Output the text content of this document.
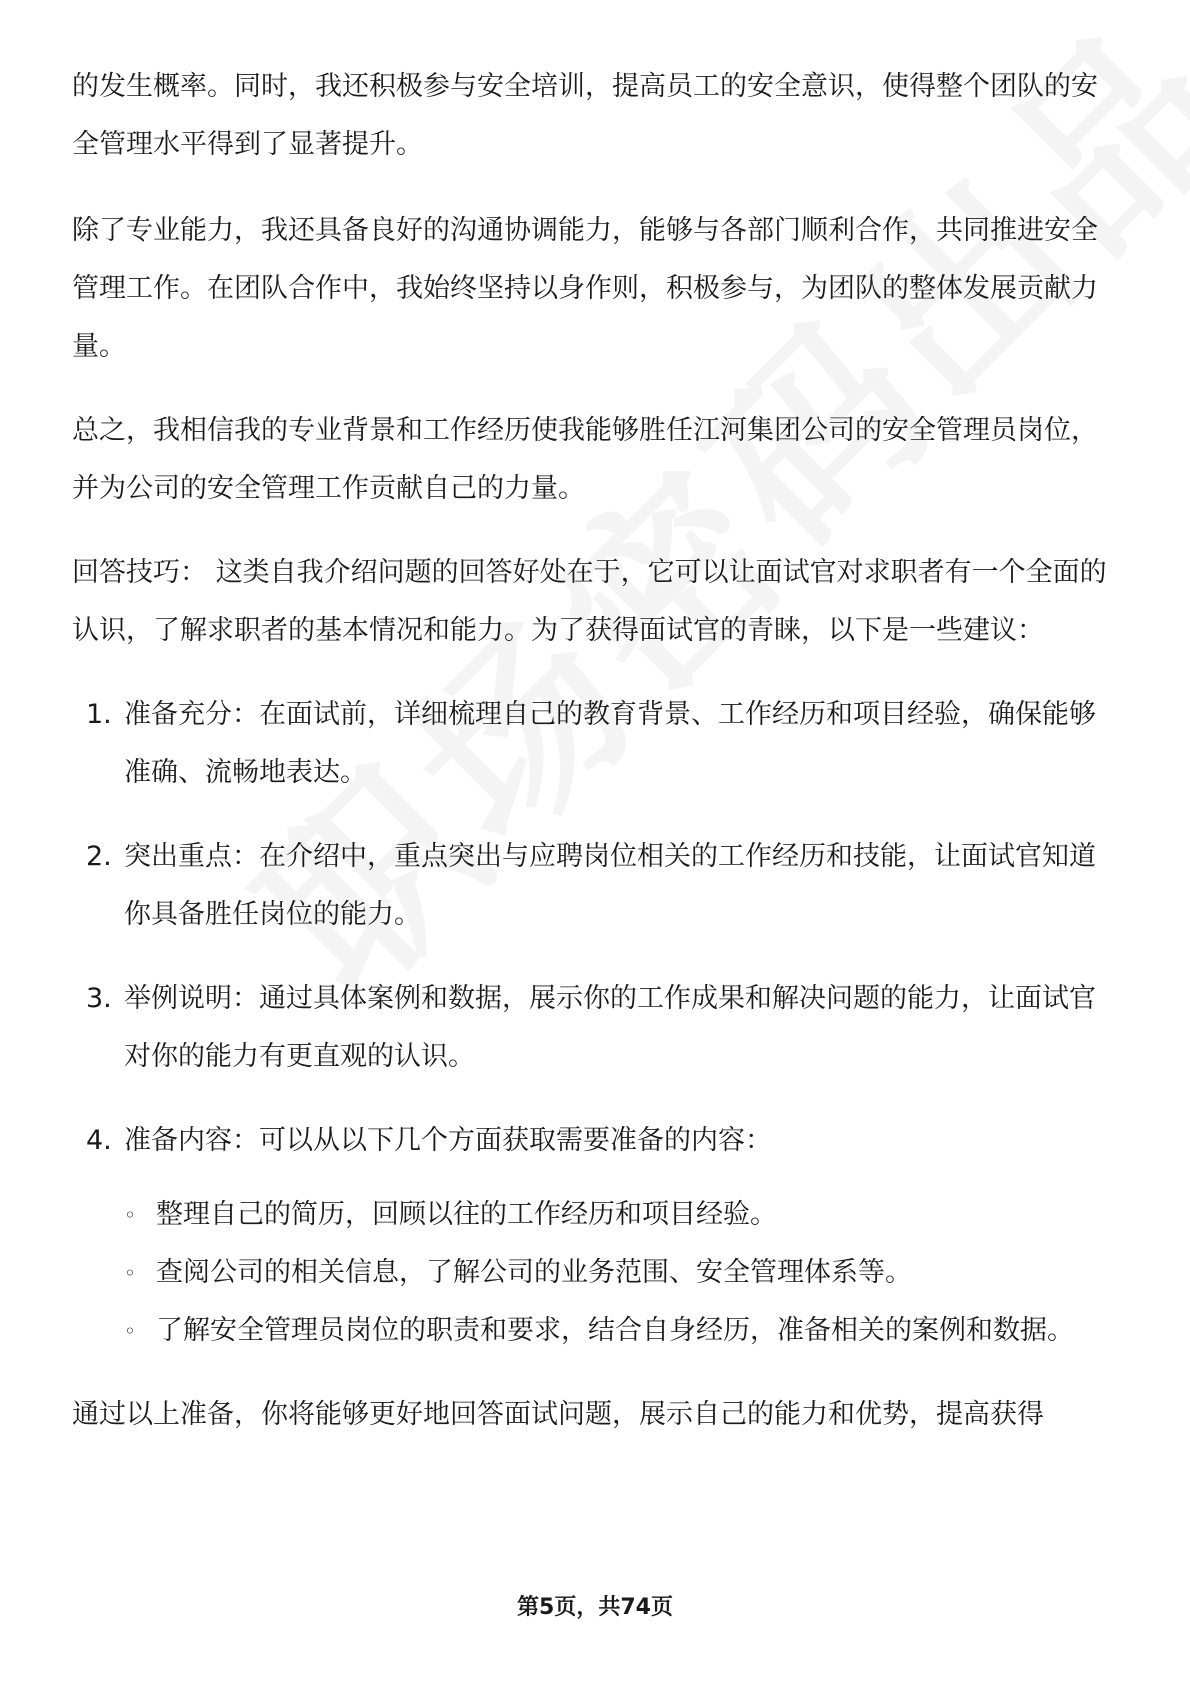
的发生概率。同时，我还积极参与安全培训，提高员工的安全意识，使得整个团队的安全管理水平得到了显著提升。

除了专业能力，我还具备良好的沟通协调能力，能够与各部门顺利合作，共同推进安全管理工作。在团队合作中，我始终坚持以身作则，积极参与，为团队的整体发展贡献力量。

总之，我相信我的专业背景和工作经历使我能够胜任江河集团公司的安全管理员岗位，并为公司的安全管理工作贡献自己的力量。

回答技巧： 这类自我介绍问题的回答好处在于，它可以让面试官对求职者有一个全面的认识，了解求职者的基本情况和能力。为了获得面试官的青睐，以下是一些建议：

1. 准备充分：在面试前，详细梳理自己的教育背景、工作经历和项目经验，确保能够准确、流畅地表达。
2. 突出重点：在介绍中，重点突出与应聘岗位相关的工作经历和技能，让面试官知道你具备胜任岗位的能力。
3. 举例说明：通过具体案例和数据，展示你的工作成果和解决问题的能力，让面试官对你的能力有更直观的认识。
4. 准备内容：可以从以下几个方面获取需要准备的内容：
◦ 整理自己的简历，回顾以往的工作经历和项目经验。
◦ 查阅公司的相关信息，了解公司的业务范围、安全管理体系等。
◦ 了解安全管理员岗位的职责和要求，结合自身经历，准备相关的案例和数据。

通过以上准备，你将能够更好地回答面试问题，展示自己的能力和优势，提高获得

第5页，共74页
